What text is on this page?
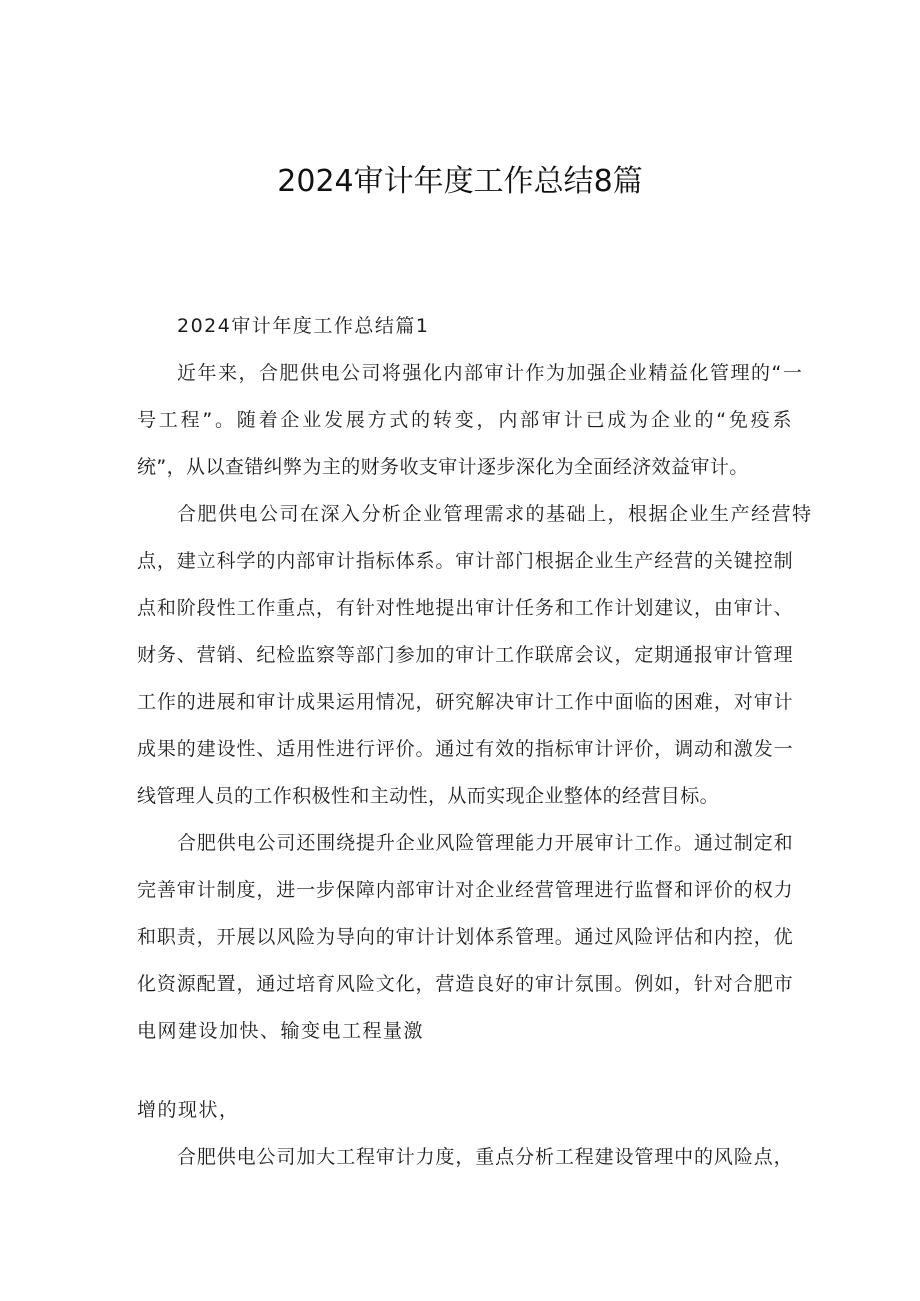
2024审计年度工作总结8篇
2024审计年度工作总结篇1
近年来，合肥供电公司将强化内部审计作为加强企业精益化管理的“一
号工程”。随着企业发展方式的转变，内部审计已成为企业的“免疫系
统”，从以查错纠弊为主的财务收支审计逐步深化为全面经济效益审计。
合肥供电公司在深入分析企业管理需求的基础上，根据企业生产经营特
点，建立科学的内部审计指标体系。审计部门根据企业生产经营的关键控制
点和阶段性工作重点，有针对性地提出审计任务和工作计划建议，由审计、
财务、营销、纪检监察等部门参加的审计工作联席会议，定期通报审计管理
工作的进展和审计成果运用情况，研究解决审计工作中面临的困难，对审计
成果的建设性、适用性进行评价。通过有效的指标审计评价，调动和激发一
线管理人员的工作积极性和主动性，从而实现企业整体的经营目标。
合肥供电公司还围绕提升企业风险管理能力开展审计工作。通过制定和
完善审计制度，进一步保障内部审计对企业经营管理进行监督和评价的权力
和职责，开展以风险为导向的审计计划体系管理。通过风险评估和内控，优
化资源配置，通过培育风险文化，营造良好的审计氛围。例如，针对合肥市
电网建设加快、输变电工程量激
增的现状，
合肥供电公司加大工程审计力度，重点分析工程建设管理中的风险点，
